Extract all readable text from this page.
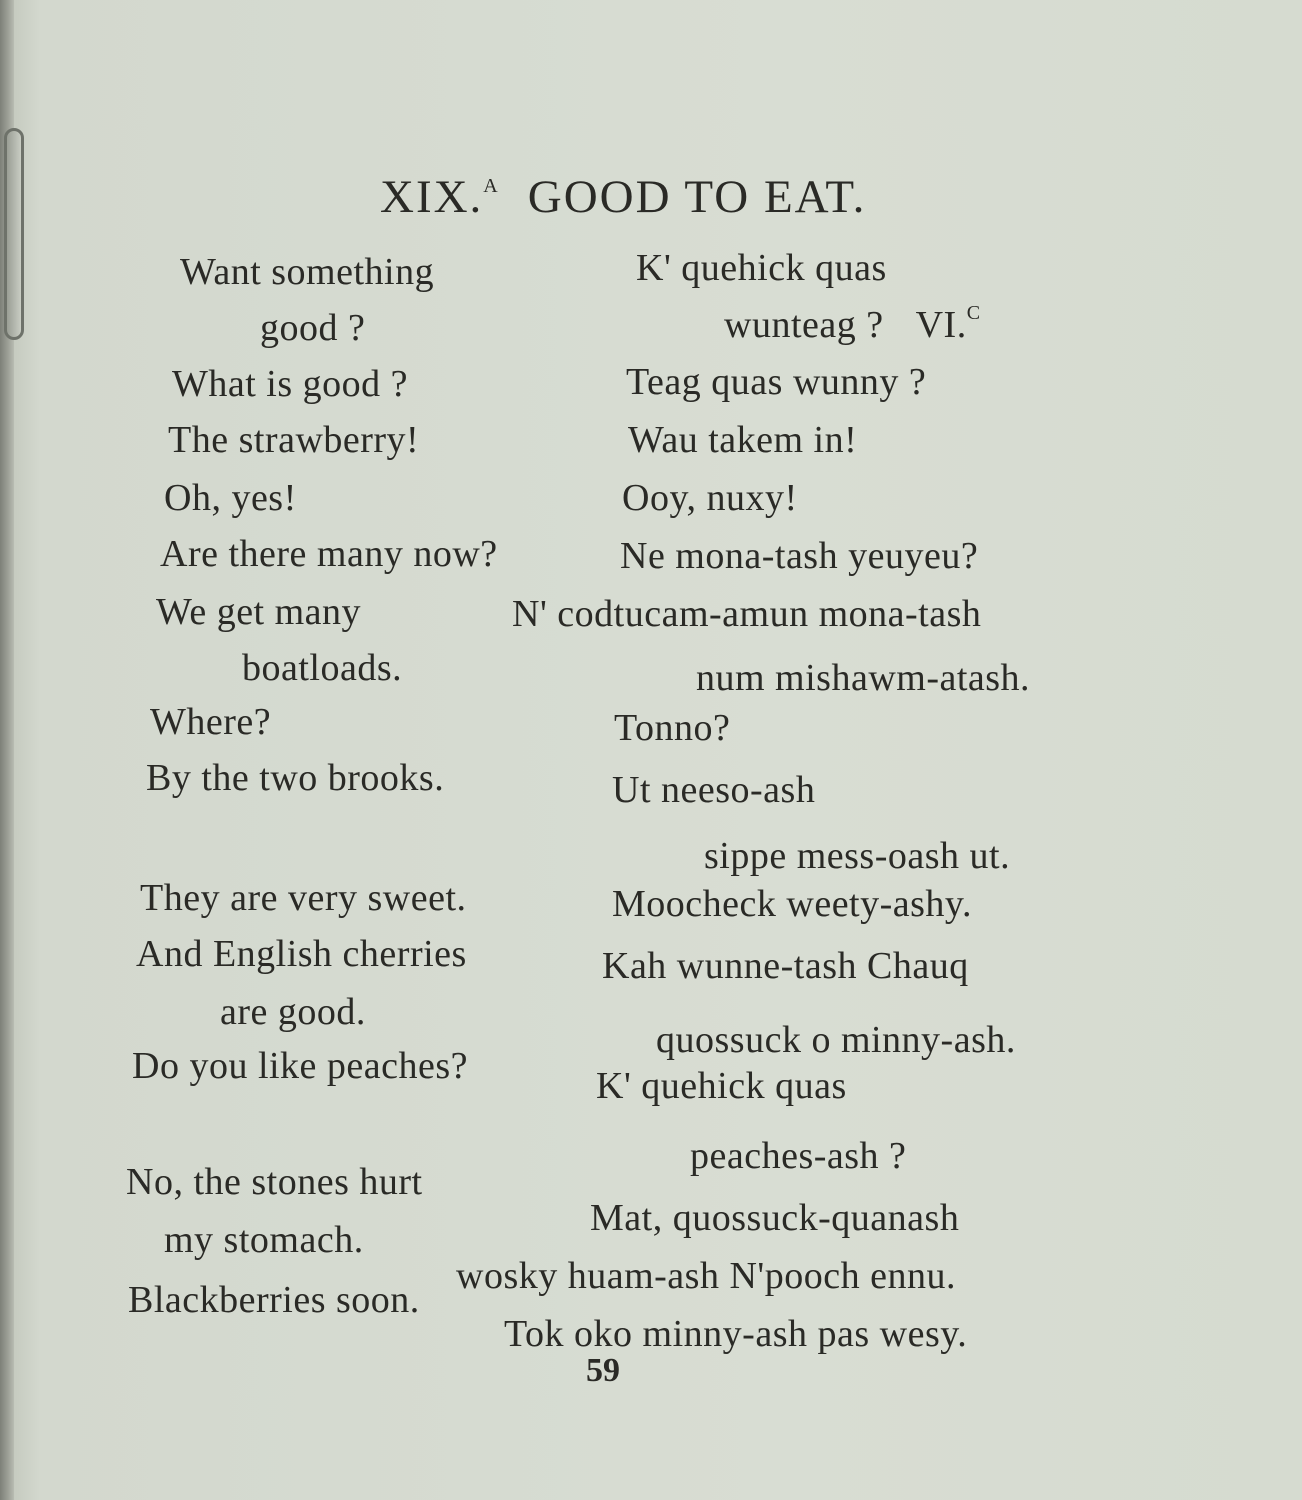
XIX.$^A$ GOOD TO EAT.
Want something
good ?
What is good ?
The strawberry!
Oh, yes!
Are there many now?
We get many
boatloads.
Where?
By the two brooks.
They are very sweet.
And English cherries
are good.
Do you like peaches?
No, the stones hurt
my stomach.
Blackberries soon.
K' quehick quas
wunteag ? VI.$^C$
Teag quas wunny ?
Wau takem in!
Ooy, nuxy!
Ne mona-tash yeuyeu?
N' codtucam-amun mona-tash
num mishawm-atash.
Tonno?
Ut neeso-ash
sippe mess-oash ut.
Moocheck weety-ashy.
Kah wunne-tash Chauq
quossuck o minny-ash.
K' quehick quas
peaches-ash ?
Mat, quossuck-quanash
wosky huam-ash N'pooch ennu.
Tok oko minny-ash pas wesy.
59
